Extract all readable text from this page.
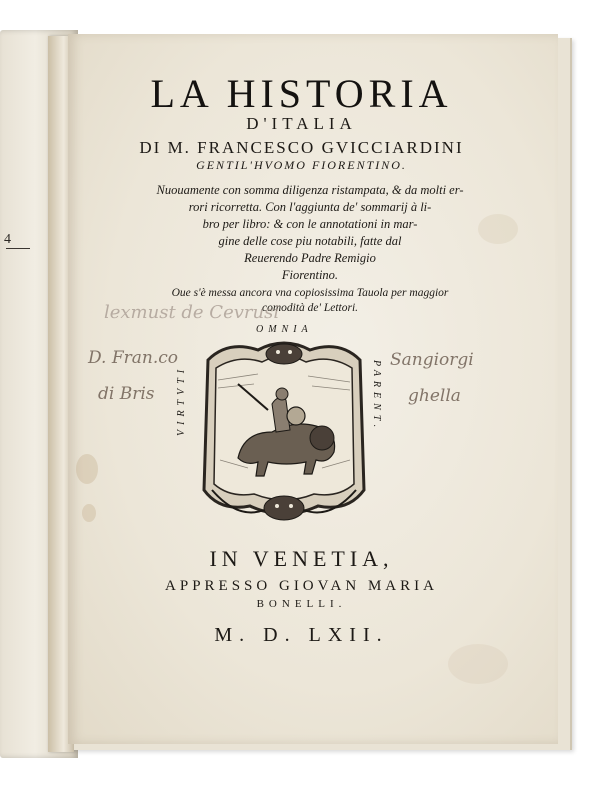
4
LA HISTORIA
D'ITALIA
DI M. FRANCESCO GVICCIARDINI
GENTIL'HVOMO FIORENTINO.
Nuouamente con somma diligenza ristampata, & da molti er-
rori ricorretta. Con l'aggiunta de' sommarij à li-
bro per libro: & con le annotationi in mar-
gine delle cose piu notabili, fatte dal
Reuerendo Padre Remigio
Fiorentino.
Oue s'è messa ancora vna copiosissima Tauola per maggior
comodità de' Lettori.
lexmust de Cevrusi
D. Fran.co	Sangiorgi
di Bris	ghella
OMNIA
VIRTVTI	PARENT.
IN VENETIA,
APPRESSO GIOVAN MARIA
BONELLI.
M. D. LXII.
